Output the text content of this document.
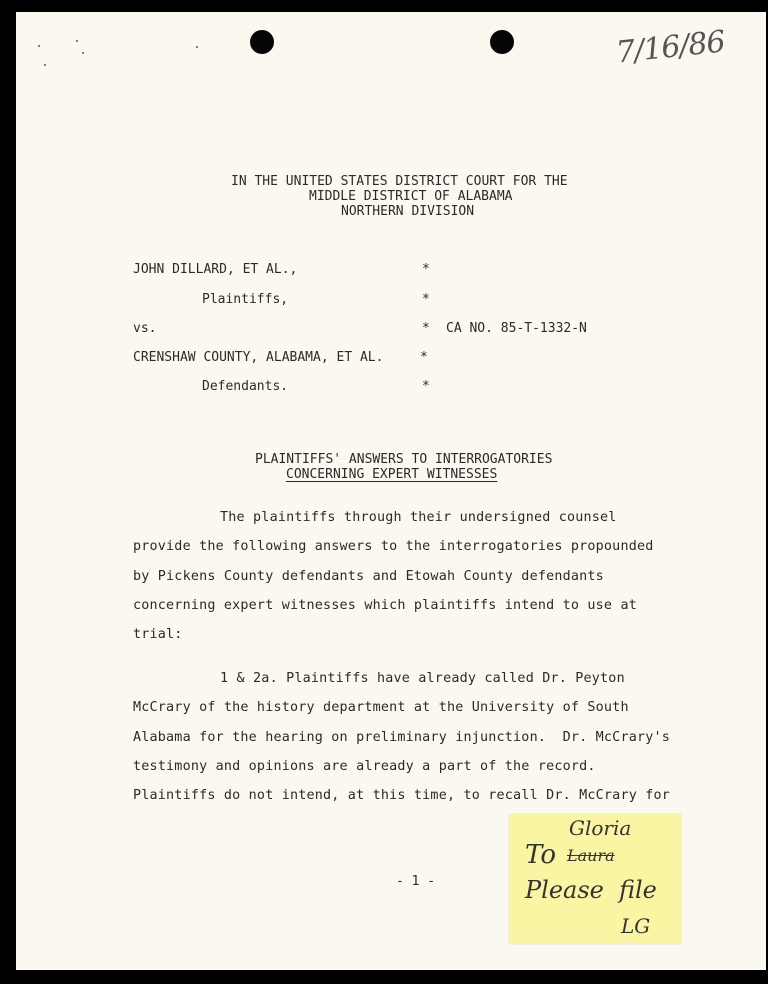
7/16/86
IN THE UNITED STATES DISTRICT COURT FOR THE
MIDDLE DISTRICT OF ALABAMA
NORTHERN DIVISION
JOHN DILLARD, ET AL.,	*
Plaintiffs,	*
vs.	* CA NO. 85-T-1332-N
CRENSHAW COUNTY, ALABAMA, ET AL.	*
Defendants.	*
PLAINTIFFS' ANSWERS TO INTERROGATORIES
CONCERNING EXPERT WITNESSES
The plaintiffs through their undersigned counsel
provide the following answers to the interrogatories propounded
by Pickens County defendants and Etowah County defendants
concerning expert witnesses which plaintiffs intend to use at
trial:
1 & 2a. Plaintiffs have already called Dr. Peyton
McCrary of the history department at the University of South
Alabama for the hearing on preliminary injunction.  Dr. McCrary's
testimony and opinions are already a part of the record.
Plaintiffs do not intend, at this time, to recall Dr. McCrary for
- 1 -
Gloria
To Laura
Please file
LG
